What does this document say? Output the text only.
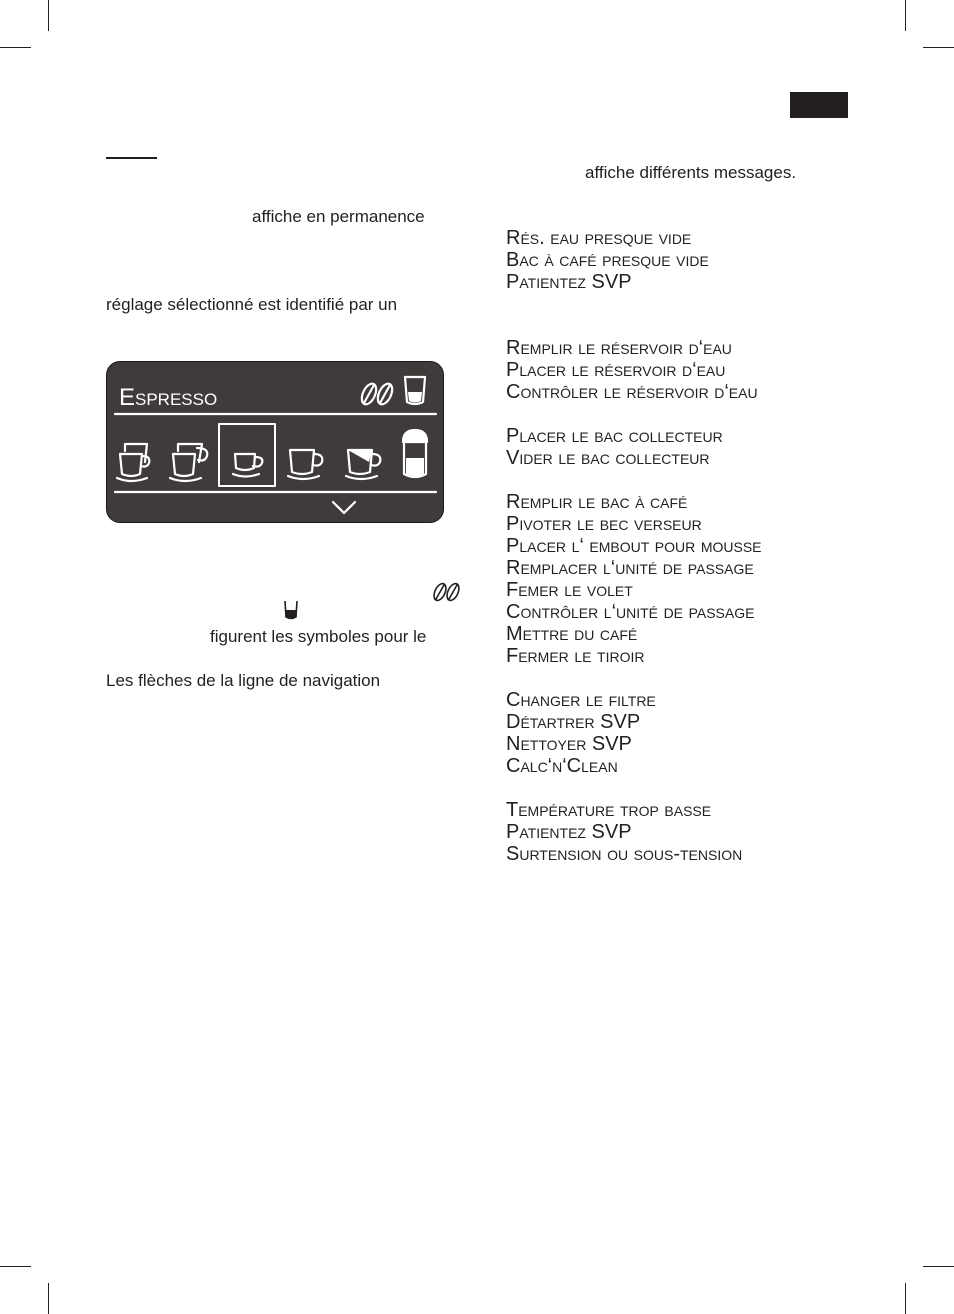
affiche en permanence
réglage sélectionné est identifié par un
Espresso
figurent les symboles pour le
Les flèches de la ligne de navigation
affiche différents messages.
Rés. eau presque vide
Bac à café presque vide
Patientez SVP
Remplir le réservoir d‘eau
Placer le réservoir d‘eau
Contrôler le réservoir d‘eau
Placer le bac collecteur
Vider le bac collecteur
Remplir le bac à café
Pivoter le bec verseur
Placer l‘ embout pour mousse
Remplacer l‘unité de passage
Femer le volet
Contrôler l‘unité de passage
Mettre du café
Fermer le tiroir
Changer le filtre
Détartrer SVP
Nettoyer SVP
Calc‘n‘Clean
Température trop basse
Patientez SVP
Surtension ou sous-tension
